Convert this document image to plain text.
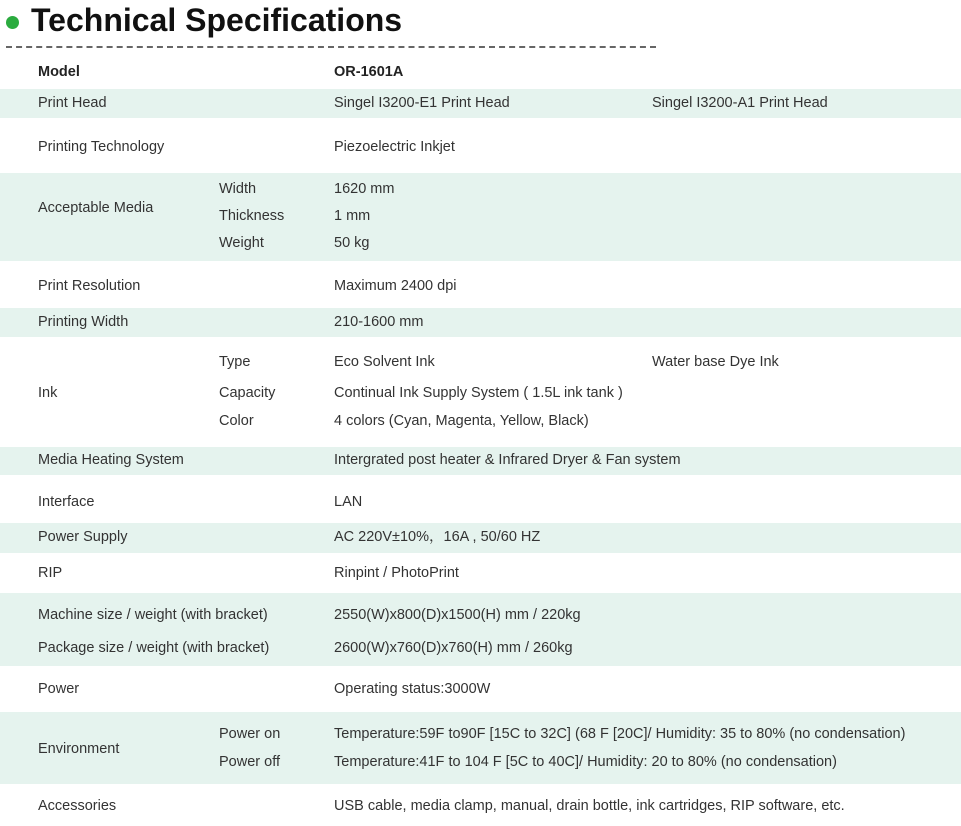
Technical Specifications
Model	OR-1601A
Print Head	Singel I3200-E1 Print Head	Singel I3200-A1 Print Head
Printing Technology	Piezoelectric Inkjet
Acceptable Media
Width	1620 mm
Thickness	1 mm
Weight	50 kg
Print Resolution	Maximum 2400 dpi
Printing Width	210-1600 mm
Ink
Type	Eco Solvent Ink	Water base Dye Ink
Capacity	Continual Ink Supply System ( 1.5L ink tank )
Color	4 colors (Cyan, Magenta, Yellow, Black)
Media Heating System	Intergrated post heater & Infrared Dryer & Fan system
Interface	LAN
Power Supply	AC 220V±10%，16A , 50/60 HZ
RIP	Rinpint / PhotoPrint
Machine size / weight (with bracket)	2550(W)x800(D)x1500(H) mm / 220kg
Package size / weight (with bracket)	2600(W)x760(D)x760(H) mm / 260kg
Power	Operating status:3000W
Environment
Power on	Temperature:59F to90F [15C to 32C] (68 F [20C]/ Humidity: 35 to 80% (no condensation)
Power off	Temperature:41F to 104 F [5C to 40C]/ Humidity: 20 to 80% (no condensation)
Accessories	USB cable, media clamp, manual, drain bottle, ink cartridges, RIP software, etc.
